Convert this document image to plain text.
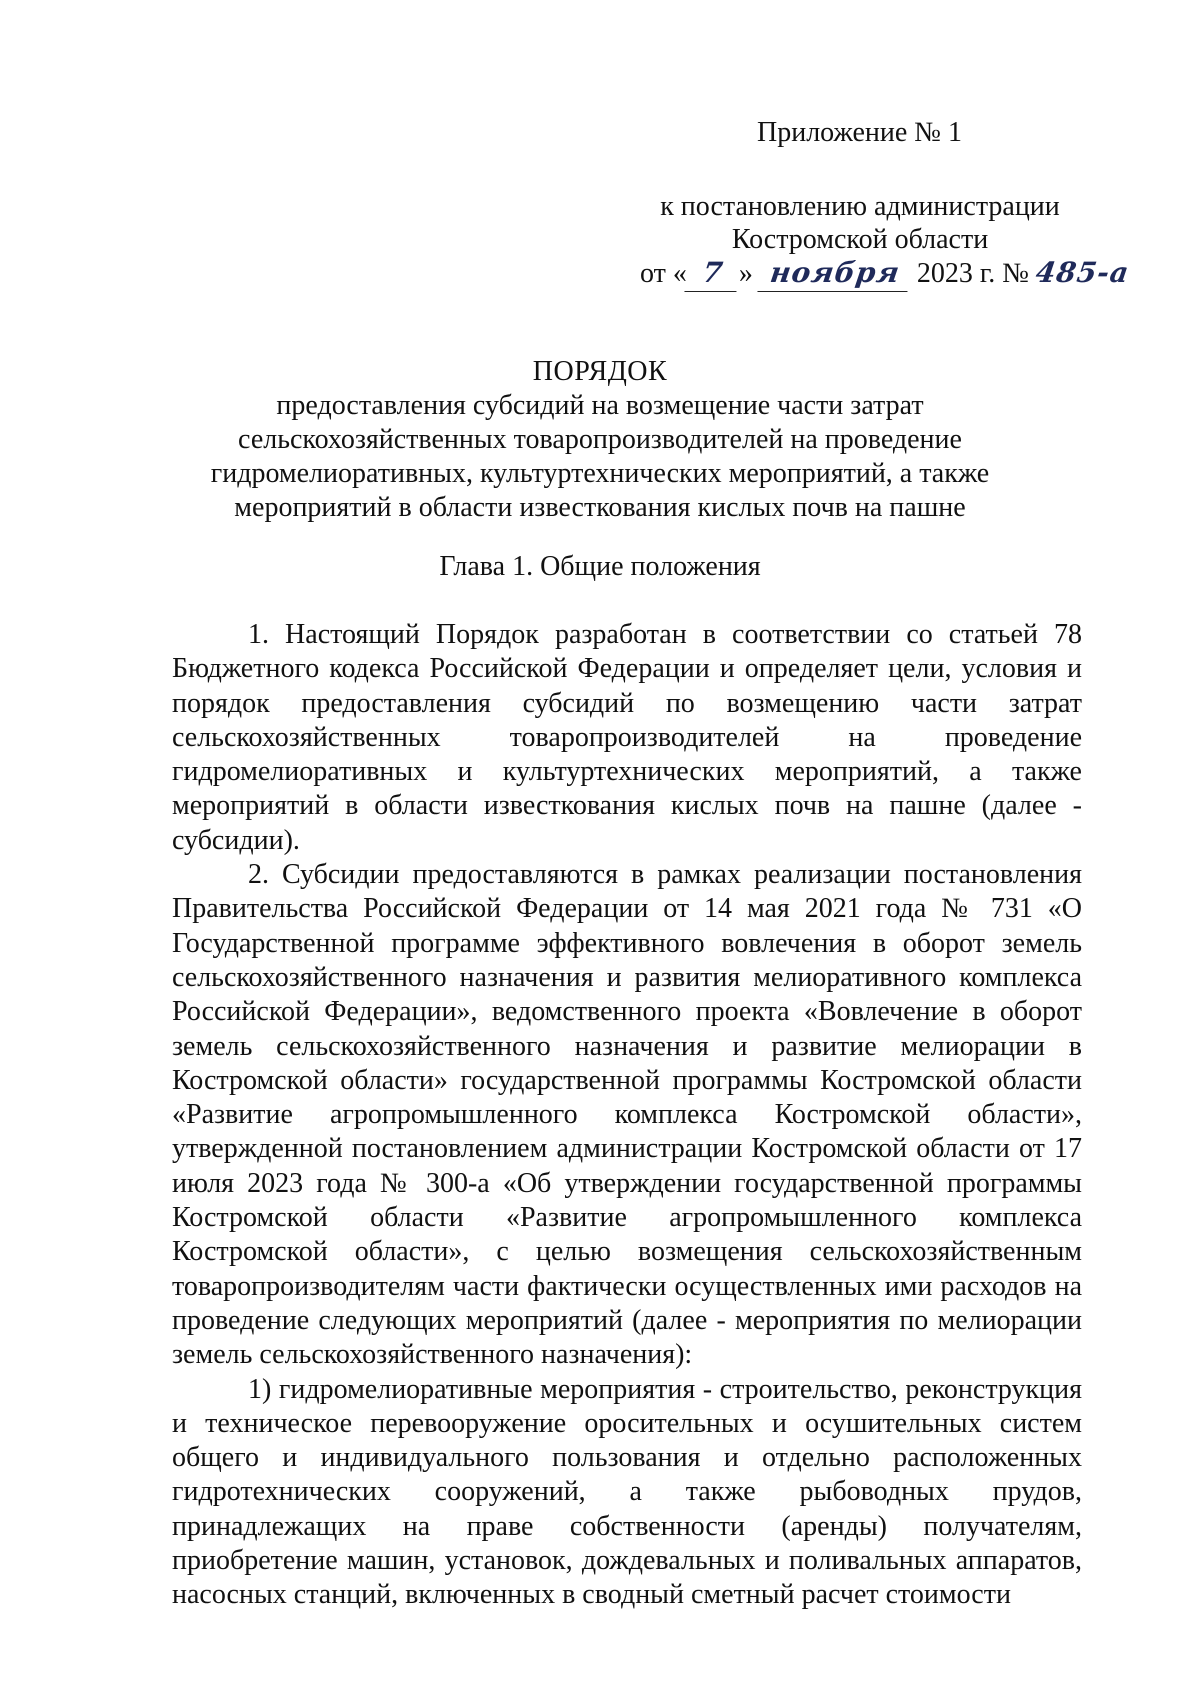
Приложение № 1
к постановлению администрации
Костромской области
от « 7 » ноября 2023 г. № 485-а
ПОРЯДОК
предоставления субсидий на возмещение части затрат
сельскохозяйственных товаропроизводителей на проведение
гидромелиоративных, культуртехнических мероприятий, а также
мероприятий в области известкования кислых почв на пашне
Глава 1. Общие положения

1. Настоящий Порядок разработан в соответствии со статьей 78 Бюджетного кодекса Российской Федерации и определяет цели, условия и порядок предоставления субсидий по возмещению части затрат сельскохозяйственных товаропроизводителей на проведение гидромелиоративных и культуртехнических мероприятий, а также мероприятий в области известкования кислых почв на пашне (далее - субсидии).

2. Субсидии предоставляются в рамках реализации постановления Правительства Российской Федерации от 14 мая 2021 года № 731 «О Государственной программе эффективного вовлечения в оборот земель сельскохозяйственного назначения и развития мелиоративного комплекса Российской Федерации», ведомственного проекта «Вовлечение в оборот земель сельскохозяйственного назначения и развитие мелиорации в Костромской области» государственной программы Костромской области «Развитие агропромышленного комплекса Костромской области», утвержденной постановлением администрации Костромской области от 17 июля 2023 года № 300-а «Об утверждении государственной программы Костромской области «Развитие агропромышленного комплекса Костромской области», с целью возмещения сельскохозяйственным товаропроизводителям части фактически осуществленных ими расходов на проведение следующих мероприятий (далее - мероприятия по мелиорации земель сельскохозяйственного назначения):

1) гидромелиоративные мероприятия - строительство, реконструкция и техническое перевооружение оросительных и осушительных систем общего и индивидуального пользования и отдельно расположенных гидротехнических сооружений, а также рыбоводных прудов, принадлежащих на праве собственности (аренды) получателям, приобретение машин, установок, дождевальных и поливальных аппаратов, насосных станций, включенных в сводный сметный расчет стоимости
